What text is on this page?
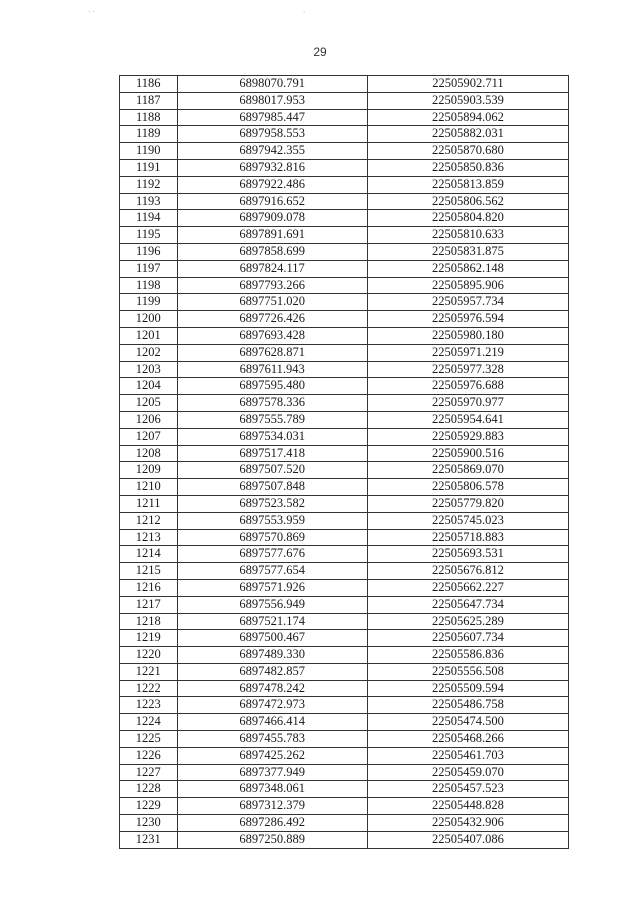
· ·	·
29
1186	6898070.791	22505902.711
1187	6898017.953	22505903.539
1188	6897985.447	22505894.062
1189	6897958.553	22505882.031
1190	6897942.355	22505870.680
1191	6897932.816	22505850.836
1192	6897922.486	22505813.859
1193	6897916.652	22505806.562
1194	6897909.078	22505804.820
1195	6897891.691	22505810.633
1196	6897858.699	22505831.875
1197	6897824.117	22505862.148
1198	6897793.266	22505895.906
1199	6897751.020	22505957.734
1200	6897726.426	22505976.594
1201	6897693.428	22505980.180
1202	6897628.871	22505971.219
1203	6897611.943	22505977.328
1204	6897595.480	22505976.688
1205	6897578.336	22505970.977
1206	6897555.789	22505954.641
1207	6897534.031	22505929.883
1208	6897517.418	22505900.516
1209	6897507.520	22505869.070
1210	6897507.848	22505806.578
1211	6897523.582	22505779.820
1212	6897553.959	22505745.023
1213	6897570.869	22505718.883
1214	6897577.676	22505693.531
1215	6897577.654	22505676.812
1216	6897571.926	22505662.227
1217	6897556.949	22505647.734
1218	6897521.174	22505625.289
1219	6897500.467	22505607.734
1220	6897489.330	22505586.836
1221	6897482.857	22505556.508
1222	6897478.242	22505509.594
1223	6897472.973	22505486.758
1224	6897466.414	22505474.500
1225	6897455.783	22505468.266
1226	6897425.262	22505461.703
1227	6897377.949	22505459.070
1228	6897348.061	22505457.523
1229	6897312.379	22505448.828
1230	6897286.492	22505432.906
1231	6897250.889	22505407.086
